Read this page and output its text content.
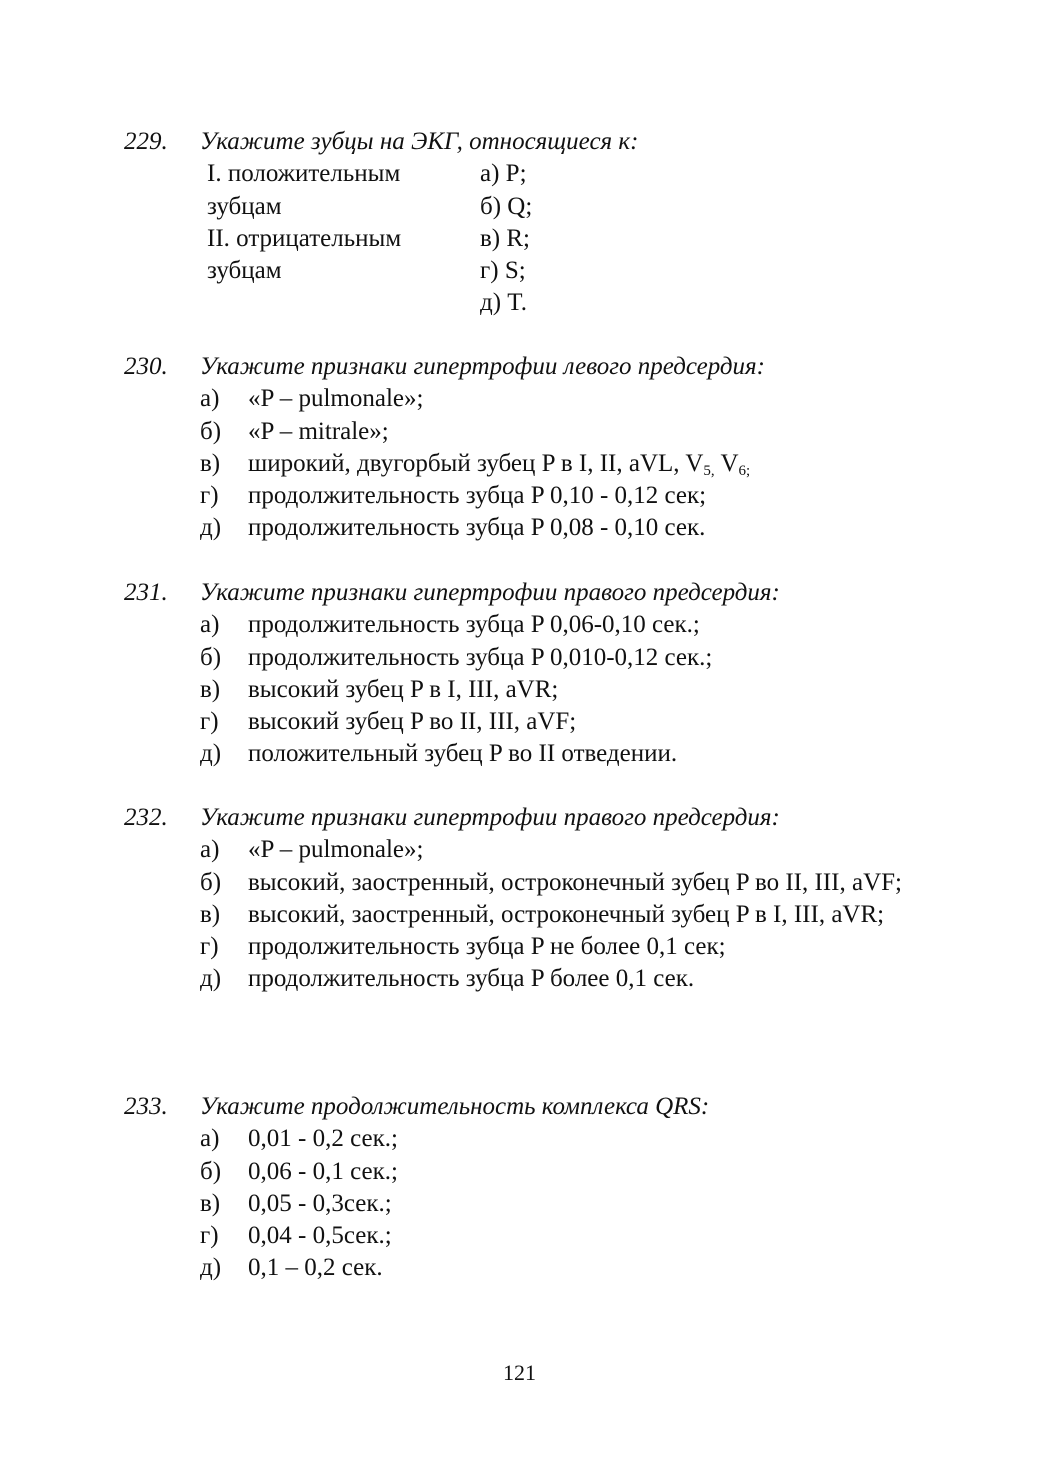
229. Укажите зубцы на ЭКГ, относящиеся к:
I. положительным
зубцам
II. отрицательным
зубцам
а) P;
б) Q;
в) R;
г) S;
д) T.
230. Укажите признаки гипертрофии левого предсердия:
а) «P – pulmonale»;
б) «P – mitrale»;
в) широкий, двугорбый зубец P в I, II, aVL, $V_{5,}$ $V_{6;}$
г) продолжительность зубца P 0,10 - 0,12 сек;
д) продолжительность зубца P 0,08 - 0,10 сек.
231. Укажите признаки гипертрофии правого предсердия:
а) продолжительность зубца P 0,06-0,10 сек.;
б) продолжительность зубца P 0,010-0,12 сек.;
в) высокий зубец P в I, III, aVR;
г) высокий зубец P во II, III, aVF;
д) положительный зубец P во II отведении.
232. Укажите признаки гипертрофии правого предсердия:
а) «P – pulmonale»;
б) высокий, заостренный, остроконечный зубец P во II, III, aVF;
в) высокий, заостренный, остроконечный зубец P в I, III, aVR;
г) продолжительность зубца P не более 0,1 сек;
д) продолжительность зубца P более 0,1 сек.
233. Укажите продолжительность комплекса QRS:
а) 0,01 - 0,2 сек.;
б) 0,06 - 0,1 сек.;
в) 0,05 - 0,3сек.;
г) 0,04 - 0,5сек.;
д) 0,1 – 0,2 сек.
121
